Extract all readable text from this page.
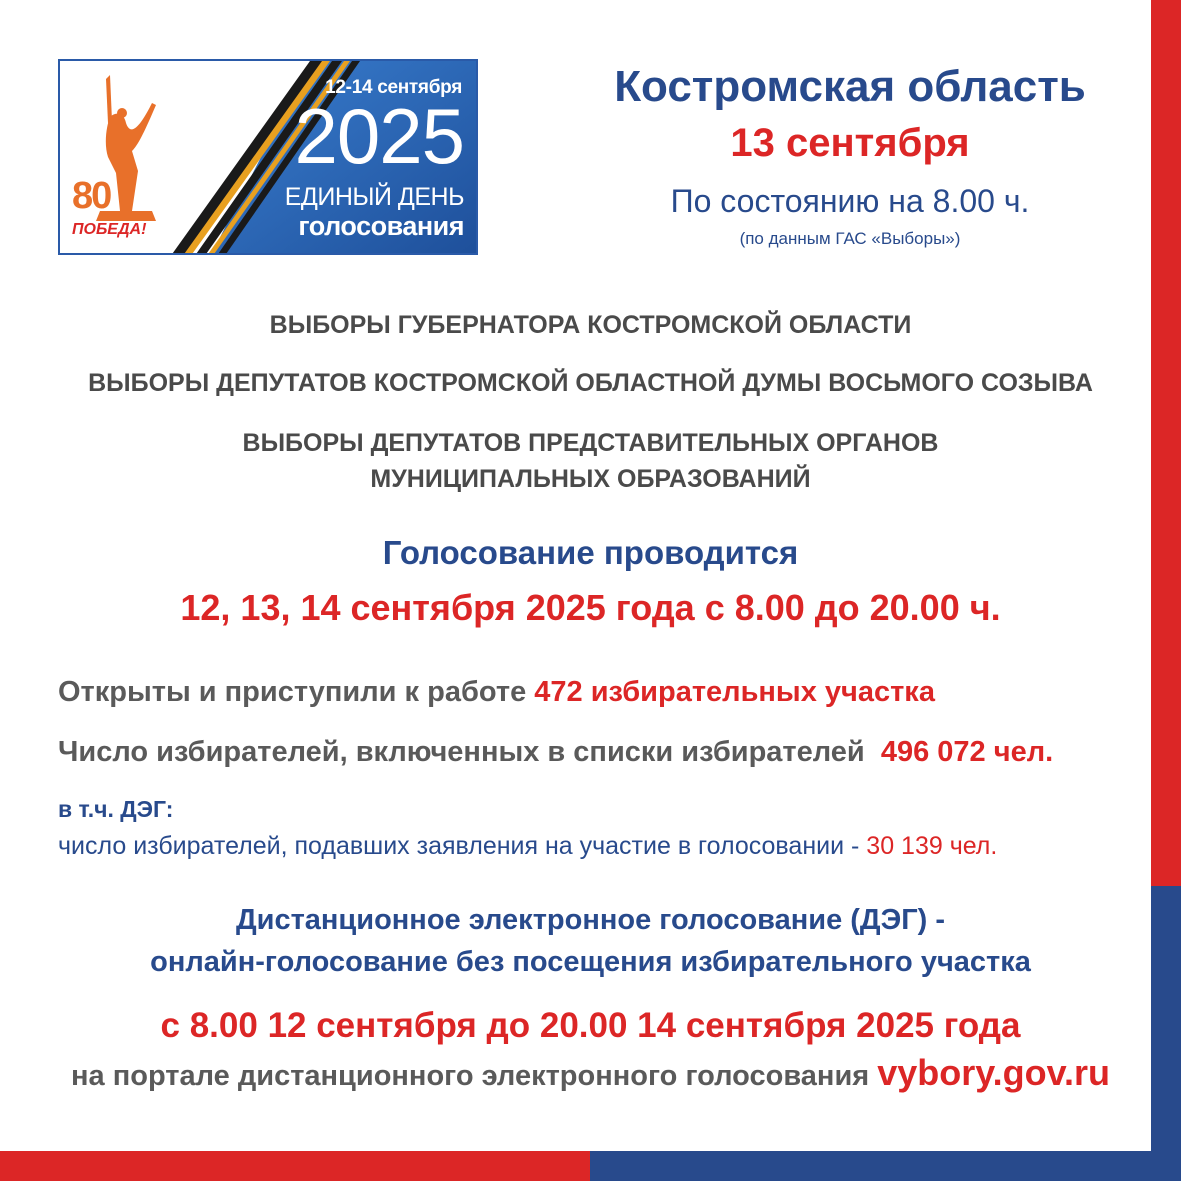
12-14 сентября
2025
ЕДИНЫЙ ДЕНЬ
голосования
80
ПОБЕДА!
Костромская область
13 сентября
По состоянию на 8.00 ч.
(по данным ГАС «Выборы»)
ВЫБОРЫ ГУБЕРНАТОРА КОСТРОМСКОЙ ОБЛАСТИ
ВЫБОРЫ ДЕПУТАТОВ КОСТРОМСКОЙ ОБЛАСТНОЙ ДУМЫ ВОСЬМОГО СОЗЫВА
ВЫБОРЫ ДЕПУТАТОВ ПРЕДСТАВИТЕЛЬНЫХ ОРГАНОВ
МУНИЦИПАЛЬНЫХ ОБРАЗОВАНИЙ
Голосование проводится
12, 13, 14 сентября 2025 года с 8.00 до 20.00 ч.
Открыты и приступили к работе 472 избирательных участка
Число избирателей, включенных в списки избирателей 496 072 чел.
в т.ч. ДЭГ:
число избирателей, подавших заявления на участие в голосовании - 30 139 чел.
Дистанционное электронное голосование (ДЭГ) -
онлайн-голосование без посещения избирательного участка
с 8.00 12 сентября до 20.00 14 сентября 2025 года
на портале дистанционного электронного голосования vybory.gov.ru
